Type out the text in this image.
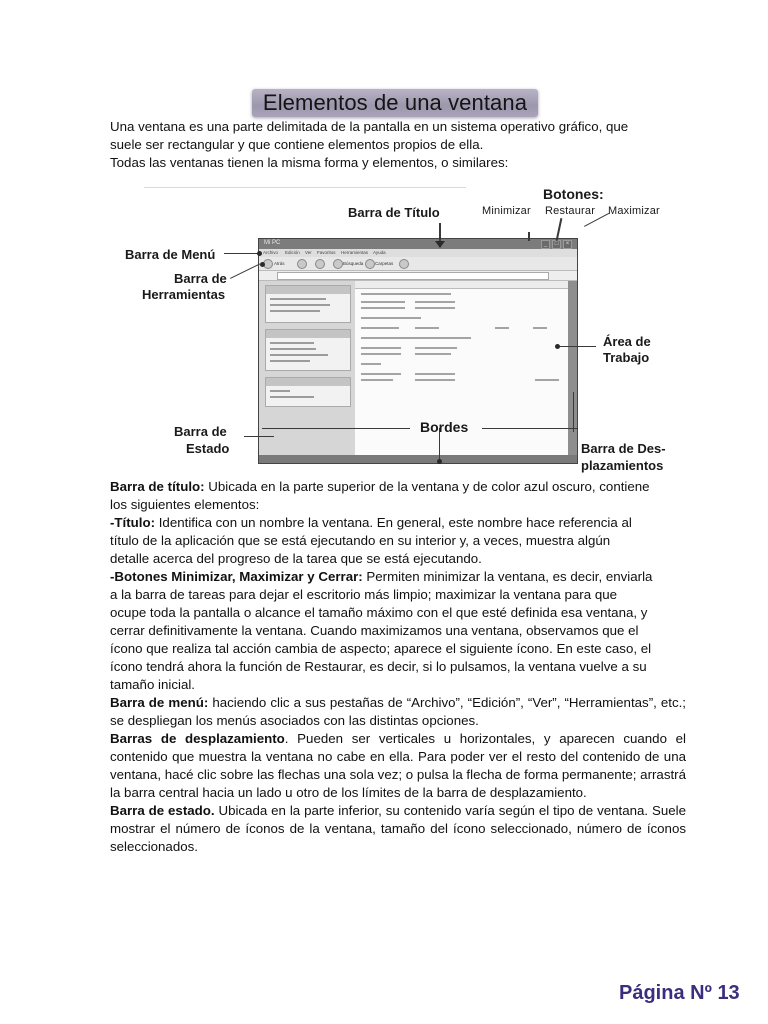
Elementos de una ventana

Una ventana es una parte delimitada de la pantalla en un sistema operativo gráfico, que

suele ser rectangular y que contiene elementos propios de ella.

Todas las ventanas tienen la misma forma y elementos, o similares:

Mi PC	_	□	×
Archivo Edición Ver Favoritos Herramientas Ayuda
Atrás	Búsqueda	Carpetas
Barra de Título
Botones:
Minimizar Restaurar Maximizar
Barra de Menú
Barra de
Herramientas
Área de
Trabajo
Barra de
Estado
Bordes
Barra de Des-
plazamientos

Barra de título: Ubicada en la parte superior de la ventana y de color azul oscuro, contiene

los siguientes elementos:

-Título: Identifica con un nombre la ventana. En general, este nombre hace referencia al

título de la aplicación que se está ejecutando en su interior y, a veces, muestra algún

detalle acerca del progreso de la tarea que se está ejecutando.

-Botones Minimizar, Maximizar y Cerrar: Permiten minimizar la ventana, es decir, enviarla

a la barra de tareas para dejar el escritorio más limpio; maximizar la ventana para que

ocupe toda la pantalla o alcance el tamaño máximo con el que esté definida esa ventana, y

cerrar definitivamente la ventana. Cuando maximizamos una ventana, observamos que el

ícono que realiza tal acción cambia de aspecto; aparece el siguiente ícono. En este caso, el

ícono tendrá ahora la función de Restaurar, es decir, si lo pulsamos, la ventana vuelve a su

tamaño inicial.

Barra de menú: haciendo clic a sus pestañas de “Archivo”, “Edición”, “Ver”, “Herramientas”, etc.; se despliegan los menús asociados con las distintas opciones.

Barras de desplazamiento. Pueden ser verticales u horizontales, y aparecen cuando el contenido que muestra la ventana no cabe en ella. Para poder ver el resto del contenido de una ventana, hacé clic sobre las flechas una sola vez; o pulsa la flecha de forma permanente; arrastrá la barra central hacia un lado u otro de los límites de la barra de desplazamiento.

Barra de estado. Ubicada en la parte inferior, su contenido varía según el tipo de ventana. Suele mostrar el número de íconos de la ventana, tamaño del ícono seleccionado, número de íconos seleccionados.

Página Nº 13
